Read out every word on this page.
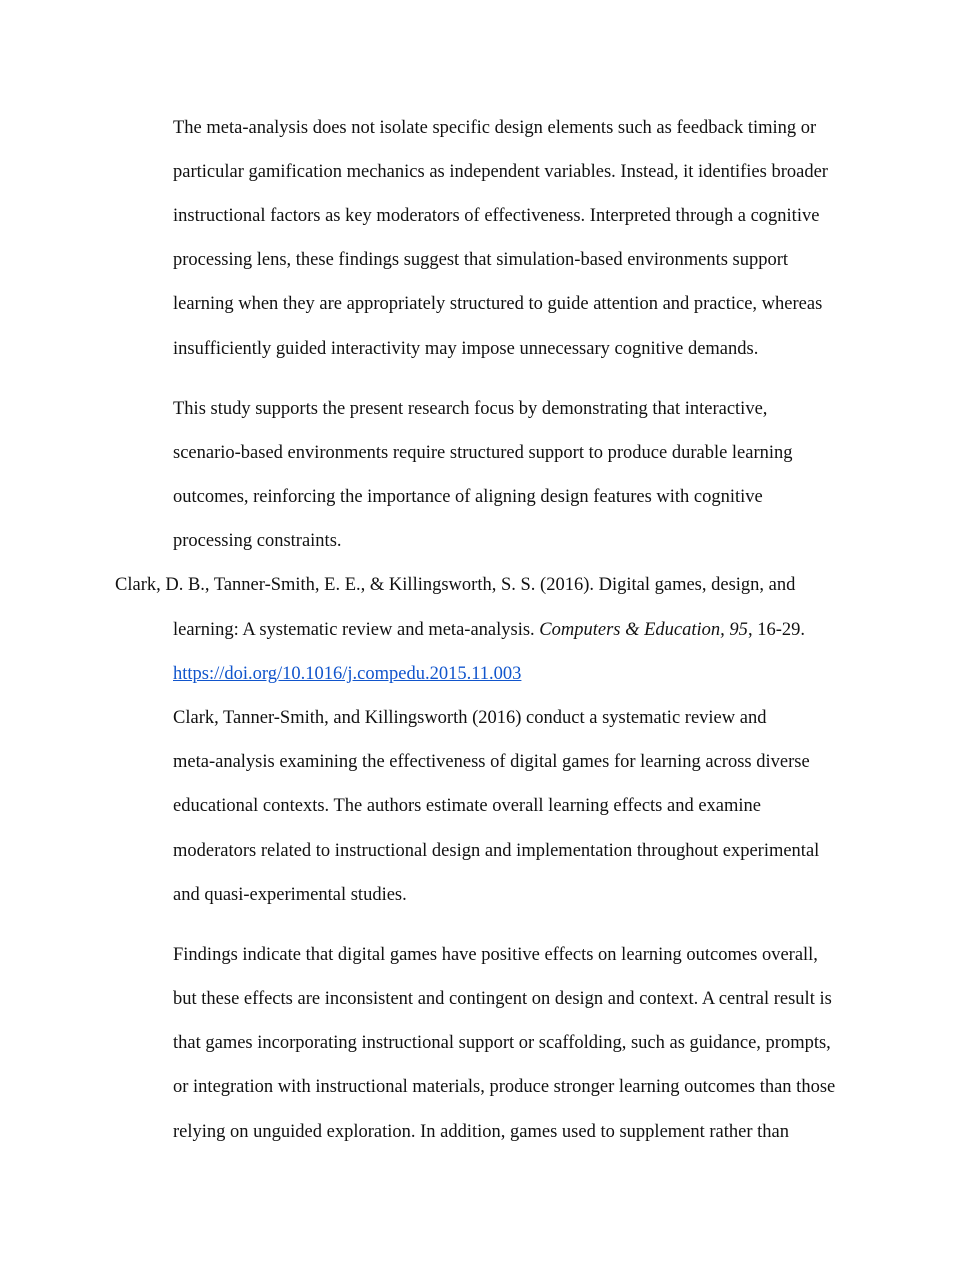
The meta-analysis does not isolate specific design elements such as feedback timing or
particular gamification mechanics as independent variables. Instead, it identifies broader
instructional factors as key moderators of effectiveness. Interpreted through a cognitive
processing lens, these findings suggest that simulation-based environments support
learning when they are appropriately structured to guide attention and practice, whereas
insufficiently guided interactivity may impose unnecessary cognitive demands.
This study supports the present research focus by demonstrating that interactive,
scenario-based environments require structured support to produce durable learning
outcomes, reinforcing the importance of aligning design features with cognitive
processing constraints.
Clark, D. B., Tanner-Smith, E. E., & Killingsworth, S. S. (2016). Digital games, design, and
learning: A systematic review and meta-analysis. Computers & Education, 95, 16-29.
https://doi.org/10.1016/j.compedu.2015.11.003
Clark, Tanner-Smith, and Killingsworth (2016) conduct a systematic review and
meta-analysis examining the effectiveness of digital games for learning across diverse
educational contexts. The authors estimate overall learning effects and examine
moderators related to instructional design and implementation throughout experimental
and quasi-experimental studies.
Findings indicate that digital games have positive effects on learning outcomes overall,
but these effects are inconsistent and contingent on design and context. A central result is
that games incorporating instructional support or scaffolding, such as guidance, prompts,
or integration with instructional materials, produce stronger learning outcomes than those
relying on unguided exploration. In addition, games used to supplement rather than
